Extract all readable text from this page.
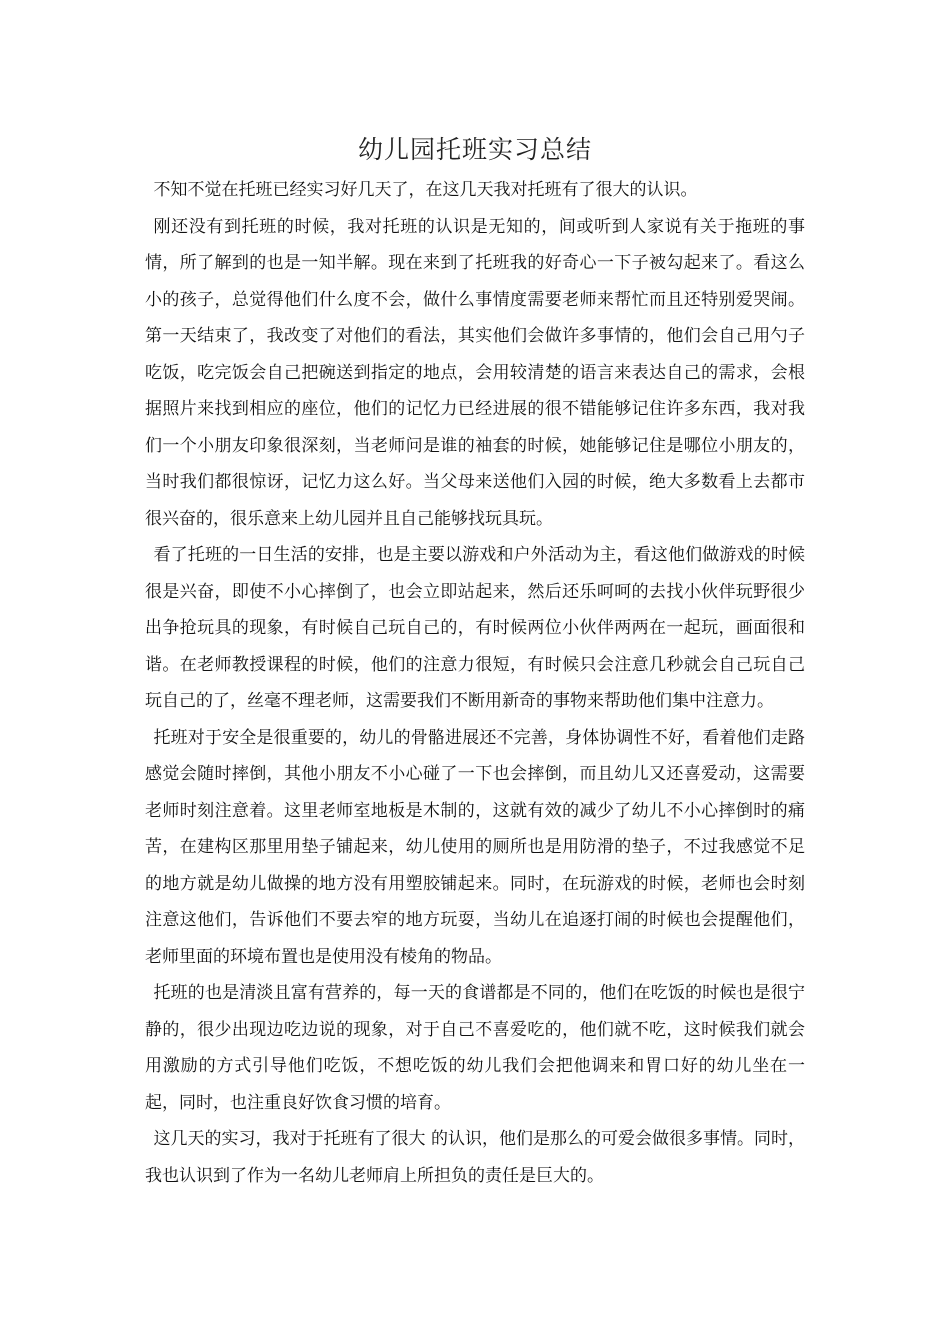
幼儿园托班实习总结

不知不觉在托班已经实习好几天了，在这几天我对托班有了很大的认识。

刚还没有到托班的时候，我对托班的认识是无知的，间或听到人家说有关于拖班的事情，所了解到的也是一知半解。现在来到了托班我的好奇心一下子被勾起来了。看这么小的孩子，总觉得他们什么度不会，做什么事情度需要老师来帮忙而且还特别爱哭闹。第一天结束了，我改变了对他们的看法，其实他们会做许多事情的，他们会自己用勺子吃饭，吃完饭会自己把碗送到指定的地点，会用较清楚的语言来表达自己的需求，会根据照片来找到相应的座位，他们的记忆力已经进展的很不错能够记住许多东西，我对我们一个小朋友印象很深刻，当老师问是谁的袖套的时候，她能够记住是哪位小朋友的，当时我们都很惊讶，记忆力这么好。当父母来送他们入园的时候，绝大多数看上去都市很兴奋的，很乐意来上幼儿园并且自己能够找玩具玩。

看了托班的一日生活的安排，也是主要以游戏和户外活动为主，看这他们做游戏的时候很是兴奋，即使不小心摔倒了，也会立即站起来，然后还乐呵呵的去找小伙伴玩野很少出争抢玩具的现象，有时候自己玩自己的，有时候两位小伙伴两两在一起玩，画面很和谐。在老师教授课程的时候，他们的注意力很短，有时候只会注意几秒就会自己玩自己玩自己的了，丝毫不理老师，这需要我们不断用新奇的事物来帮助他们集中注意力。

托班对于安全是很重要的，幼儿的骨骼进展还不完善，身体协调性不好，看着他们走路感觉会随时摔倒，其他小朋友不小心碰了一下也会摔倒，而且幼儿又还喜爱动，这需要老师时刻注意着。这里老师室地板是木制的，这就有效的减少了幼儿不小心摔倒时的痛苦，在建构区那里用垫子铺起来，幼儿使用的厕所也是用防滑的垫子，不过我感觉不足的地方就是幼儿做操的地方没有用塑胶铺起来。同时，在玩游戏的时候，老师也会时刻注意这他们，告诉他们不要去窄的地方玩耍，当幼儿在追逐打闹的时候也会提醒他们，老师里面的环境布置也是使用没有棱角的物品。

托班的也是清淡且富有营养的，每一天的食谱都是不同的，他们在吃饭的时候也是很宁静的，很少出现边吃边说的现象，对于自己不喜爱吃的，他们就不吃，这时候我们就会用激励的方式引导他们吃饭，不想吃饭的幼儿我们会把他调来和胃口好的幼儿坐在一起，同时，也注重良好饮食习惯的培育。

这几天的实习，我对于托班有了很大 的认识，他们是那么的可爱会做很多事情。同时，我也认识到了作为一名幼儿老师肩上所担负的责任是巨大的。
